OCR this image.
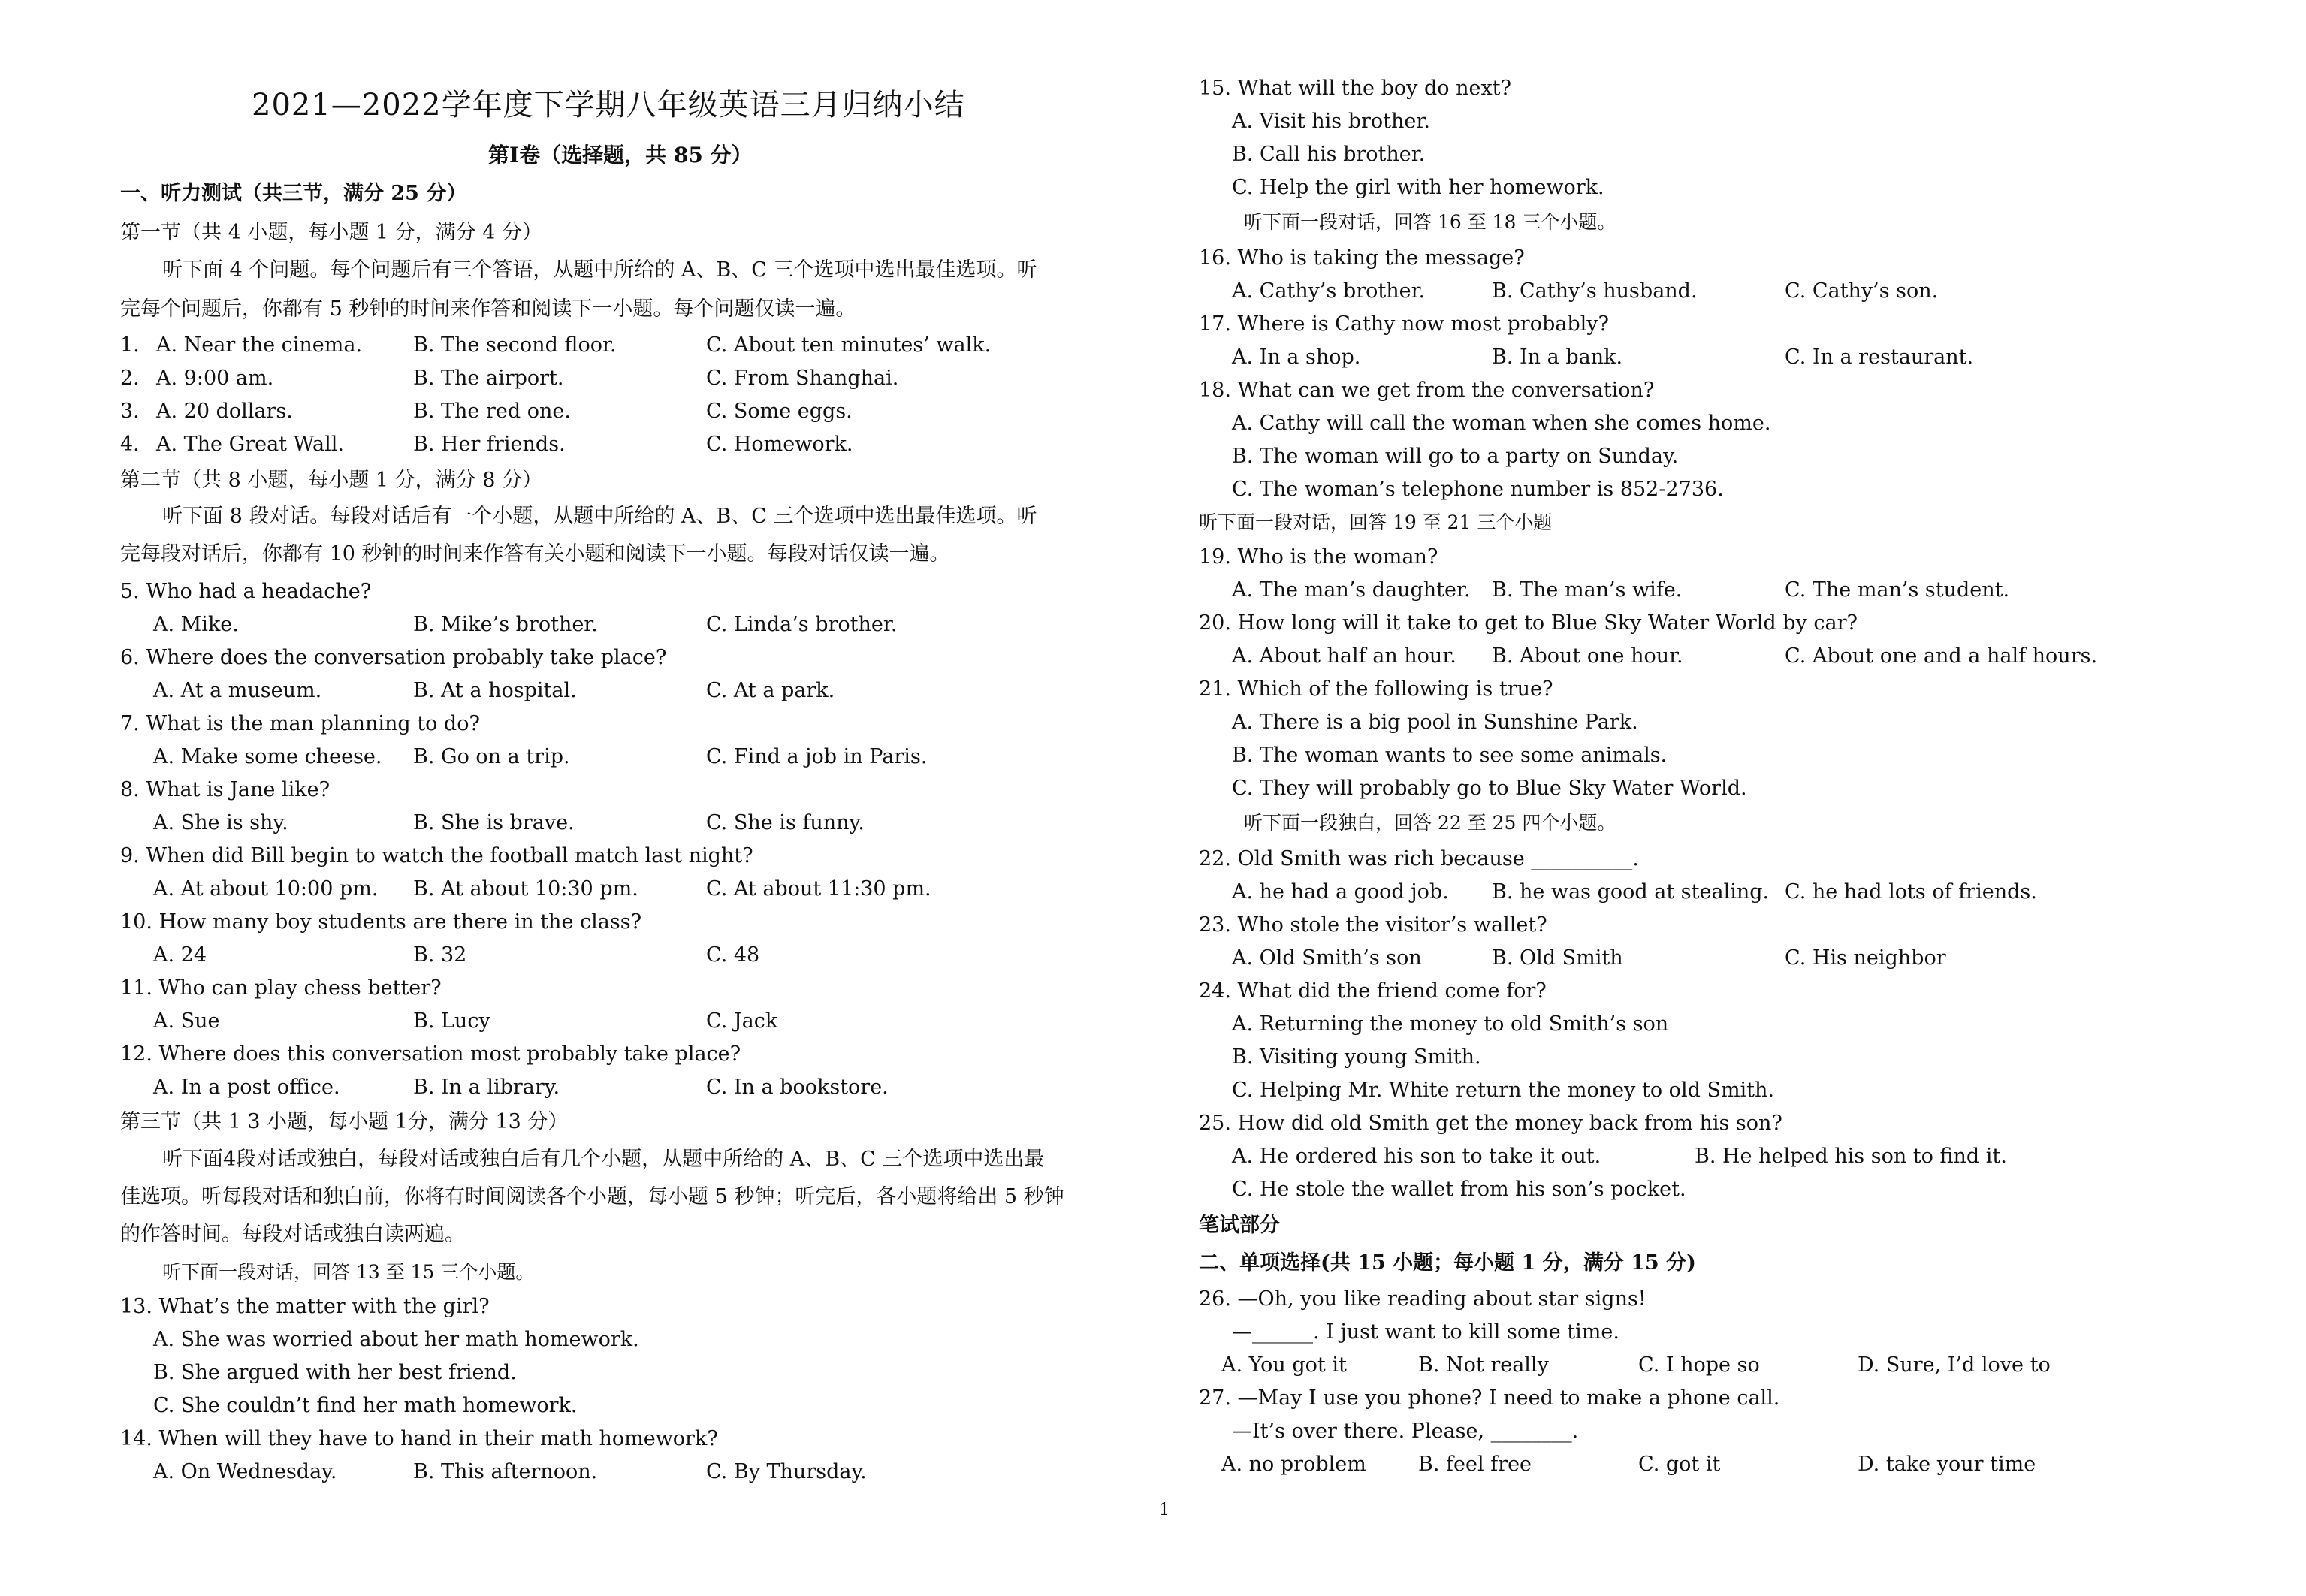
2021—2022学年度下学期八年级英语三月归纳小结
第Ⅰ卷（选择题，共 85 分）
一、听力测试（共三节，满分 25 分）
第一节（共 4 小题，每小题 1 分，满分 4 分）
听下面 4 个问题。每个问题后有三个答语，从题中所给的 A、B、C 三个选项中选出最佳选项。听
完每个问题后，你都有 5 秒钟的时间来作答和阅读下一小题。每个问题仅读一遍。
1. A. Near the cinema.	B. The second floor.	C. About ten minutes’ walk.
2. A. 9:00 am.	B. The airport.	C. From Shanghai.
3. A. 20 dollars.	B. The red one.	C. Some eggs.
4. A. The Great Wall.	B. Her friends.	C. Homework.
第二节（共 8 小题，每小题 1 分，满分 8 分）
听下面 8 段对话。每段对话后有一个小题，从题中所给的 A、B、C 三个选项中选出最佳选项。听
完每段对话后，你都有 10 秒钟的时间来作答有关小题和阅读下一小题。每段对话仅读一遍。
5. Who had a headache?
A. Mike.	B. Mike’s brother.	C. Linda’s brother.
6. Where does the conversation probably take place?
A. At a museum.	B. At a hospital.	C. At a park.
7. What is the man planning to do?
A. Make some cheese. B. Go on a trip.	C. Find a job in Paris.
8. What is Jane like?
A. She is shy.	B. She is brave.	C. She is funny.
9. When did Bill begin to watch the football match last night?
A. At about 10:00 pm. B. At about 10:30 pm.	C. At about 11:30 pm.
10. How many boy students are there in the class?
A. 24	B. 32	C. 48
11. Who can play chess better?
A. Sue	B. Lucy	C. Jack
12. Where does this conversation most probably take place?
A. In a post office.	B. In a library.	C. In a bookstore.
第三节（共 1 3 小题，每小题 1分，满分 13 分）
听下面4段对话或独白，每段对话或独白后有几个小题，从题中所给的 A、B、C 三个选项中选出最
佳选项。听每段对话和独白前，你将有时间阅读各个小题，每小题 5 秒钟；听完后，各小题将给出 5 秒钟
的作答时间。每段对话或独白读两遍。
听下面一段对话，回答 13 至 15 三个小题。
13. What’s the matter with the girl?
A. She was worried about her math homework.
B. She argued with her best friend.
C. She couldn’t find her math homework.
14. When will they have to hand in their math homework?
A. On Wednesday.	B. This afternoon.	C. By Thursday.
15. What will the boy do next?
A. Visit his brother.
B. Call his brother.
C. Help the girl with her homework.
听下面一段对话，回答 16 至 18 三个小题。
16. Who is taking the message?
A. Cathy’s brother.	B. Cathy’s husband.	C. Cathy’s son.
17. Where is Cathy now most probably?
A. In a shop.	B. In a bank.	C. In a restaurant.
18. What can we get from the conversation?
A. Cathy will call the woman when she comes home.
B. The woman will go to a party on Sunday.
C. The woman’s telephone number is 852-2736.
听下面一段对话，回答 19 至 21 三个小题
19. Who is the woman?
A. The man’s daughter. B. The man’s wife.	C. The man’s student.
20. How long will it take to get to Blue Sky Water World by car?
A. About half an hour. B. About one hour.	C. About one and a half hours.
21. Which of the following is true?
A. There is a big pool in Sunshine Park.
B. The woman wants to see some animals.
C. They will probably go to Blue Sky Water World.
听下面一段独白，回答 22 至 25 四个小题。
22. Old Smith was rich because __________.
A. he had a good job. B. he was good at stealing. C. he had lots of friends.
23. Who stole the visitor’s wallet?
A. Old Smith’s son	B. Old Smith	C. His neighbor
24. What did the friend come for?
A. Returning the money to old Smith’s son
B. Visiting young Smith.
C. Helping Mr. White return the money to old Smith.
25. How did old Smith get the money back from his son?
A. He ordered his son to take it out.	B. He helped his son to find it.
C. He stole the wallet from his son’s pocket.
笔试部分
二、单项选择(共 15 小题；每小题 1 分，满分 15 分)
26. —Oh, you like reading about star signs!
—______. I just want to kill some time.
A. You got it	B. Not really	C. I hope so	D. Sure, I’d love to
27. —May I use you phone? I need to make a phone call.
—It’s over there. Please, ________.
A. no problem	B. feel free	C. got it	D. take your time
1
